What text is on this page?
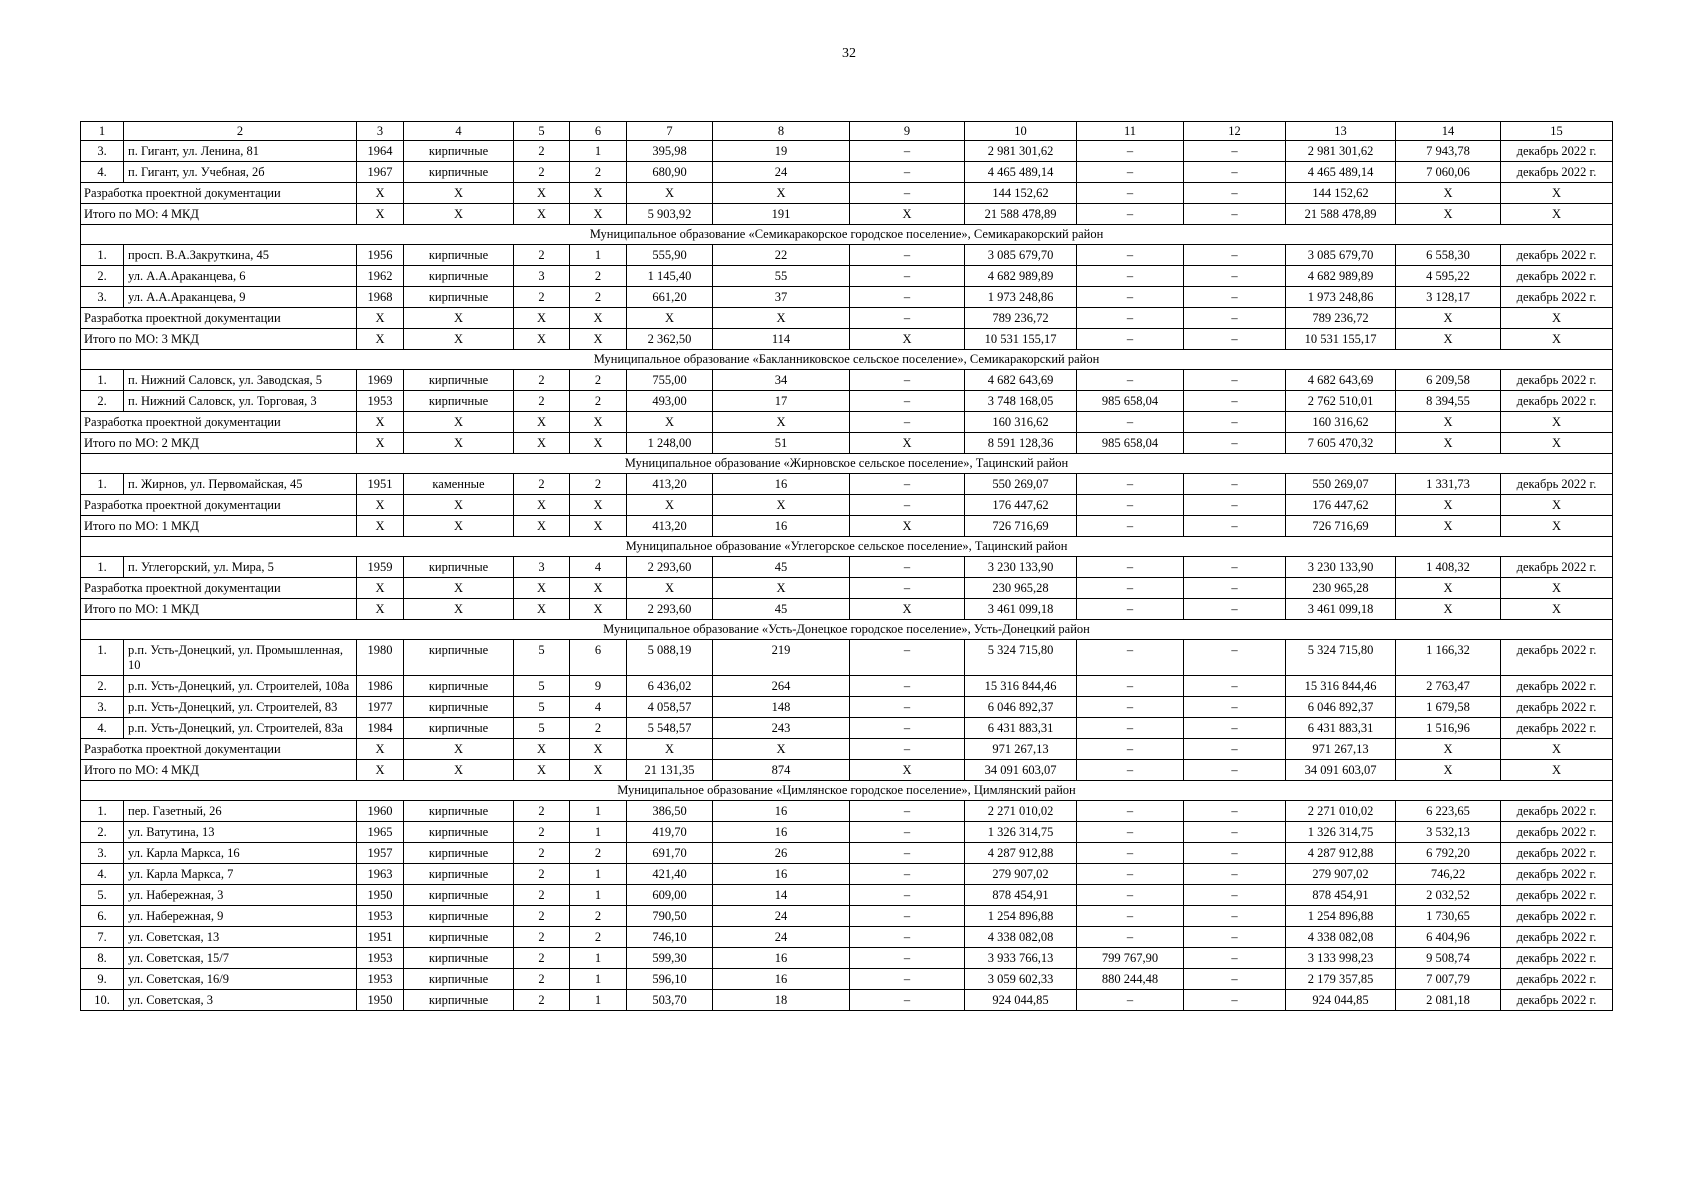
32
1	2	3	4	5	6	7	8	9	10	11	12	13	14	15
3.	п. Гигант, ул. Ленина, 81	1964	кирпичные	2	1	395,98	19	–	2 981 301,62	–	–	2 981 301,62	7 943,78	декабрь 2022 г.
4.	п. Гигант, ул. Учебная, 2б	1967	кирпичные	2	2	680,90	24	–	4 465 489,14	–	–	4 465 489,14	7 060,06	декабрь 2022 г.
Разработка проектной документации		Х	Х	Х	Х	Х	Х	–	144 152,62	–	–	144 152,62	Х	Х
Итого по МО: 4 МКД		Х	Х	Х	Х	5 903,92	191	Х	21 588 478,89	–	–	21 588 478,89	Х	Х
Муниципальное образование «Семикаракорское городское поселение», Семикаракорский район														
1.	просп. В.А.Закруткина, 45	1956	кирпичные	2	1	555,90	22	–	3 085 679,70	–	–	3 085 679,70	6 558,30	декабрь 2022 г.
2.	ул. А.А.Араканцева, 6	1962	кирпичные	3	2	1 145,40	55	–	4 682 989,89	–	–	4 682 989,89	4 595,22	декабрь 2022 г.
3.	ул. А.А.Араканцева, 9	1968	кирпичные	2	2	661,20	37	–	1 973 248,86	–	–	1 973 248,86	3 128,17	декабрь 2022 г.
Разработка проектной документации		Х	Х	Х	Х	Х	Х	–	789 236,72	–	–	789 236,72	Х	Х
Итого по МО: 3 МКД		Х	Х	Х	Х	2 362,50	114	Х	10 531 155,17	–	–	10 531 155,17	Х	Х
Муниципальное образование «Бакланниковское сельское поселение», Семикаракорский район														
1.	п. Нижний Саловск, ул. Заводская, 5	1969	кирпичные	2	2	755,00	34	–	4 682 643,69	–	–	4 682 643,69	6 209,58	декабрь 2022 г.
2.	п. Нижний Саловск, ул. Торговая, 3	1953	кирпичные	2	2	493,00	17	–	3 748 168,05	985 658,04	–	2 762 510,01	8 394,55	декабрь 2022 г.
Разработка проектной документации		Х	Х	Х	Х	Х	Х	–	160 316,62	–	–	160 316,62	Х	Х
Итого по МО: 2 МКД		Х	Х	Х	Х	1 248,00	51	Х	8 591 128,36	985 658,04	–	7 605 470,32	Х	Х
Муниципальное образование «Жирновское сельское поселение», Тацинский район														
1.	п. Жирнов, ул. Первомайская, 45	1951	каменные	2	2	413,20	16	–	550 269,07	–	–	550 269,07	1 331,73	декабрь 2022 г.
Разработка проектной документации		Х	Х	Х	Х	Х	Х	–	176 447,62	–	–	176 447,62	Х	Х
Итого по МО: 1 МКД		Х	Х	Х	Х	413,20	16	Х	726 716,69	–	–	726 716,69	Х	Х
Муниципальное образование «Углегорское сельское поселение», Тацинский район														
1.	п. Углегорский, ул. Мира, 5	1959	кирпичные	3	4	2 293,60	45	–	3 230 133,90	–	–	3 230 133,90	1 408,32	декабрь 2022 г.
Разработка проектной документации		Х	Х	Х	Х	Х	Х	–	230 965,28	–	–	230 965,28	Х	Х
Итого по МО: 1 МКД		Х	Х	Х	Х	2 293,60	45	Х	3 461 099,18	–	–	3 461 099,18	Х	Х
Муниципальное образование «Усть-Донецкое городское поселение», Усть-Донецкий район														
1.	р.п. Усть-Донецкий, ул. Промышленная, 10	1980	кирпичные	5	6	5 088,19	219	–	5 324 715,80	–	–	5 324 715,80	1 166,32	декабрь 2022 г.
2.	р.п. Усть-Донецкий, ул. Строителей, 108а	1986	кирпичные	5	9	6 436,02	264	–	15 316 844,46	–	–	15 316 844,46	2 763,47	декабрь 2022 г.
3.	р.п. Усть-Донецкий, ул. Строителей, 83	1977	кирпичные	5	4	4 058,57	148	–	6 046 892,37	–	–	6 046 892,37	1 679,58	декабрь 2022 г.
4.	р.п. Усть-Донецкий, ул. Строителей, 83а	1984	кирпичные	5	2	5 548,57	243	–	6 431 883,31	–	–	6 431 883,31	1 516,96	декабрь 2022 г.
Разработка проектной документации		Х	Х	Х	Х	Х	Х	–	971 267,13	–	–	971 267,13	Х	Х
Итого по МО: 4 МКД		Х	Х	Х	Х	21 131,35	874	Х	34 091 603,07	–	–	34 091 603,07	Х	Х
Муниципальное образование «Цимлянское городское поселение», Цимлянский район														
1.	пер. Газетный, 26	1960	кирпичные	2	1	386,50	16	–	2 271 010,02	–	–	2 271 010,02	6 223,65	декабрь 2022 г.
2.	ул. Ватутина, 13	1965	кирпичные	2	1	419,70	16	–	1 326 314,75	–	–	1 326 314,75	3 532,13	декабрь 2022 г.
3.	ул. Карла Маркса, 16	1957	кирпичные	2	2	691,70	26	–	4 287 912,88	–	–	4 287 912,88	6 792,20	декабрь 2022 г.
4.	ул. Карла Маркса, 7	1963	кирпичные	2	1	421,40	16	–	279 907,02	–	–	279 907,02	746,22	декабрь 2022 г.
5.	ул. Набережная, 3	1950	кирпичные	2	1	609,00	14	–	878 454,91	–	–	878 454,91	2 032,52	декабрь 2022 г.
6.	ул. Набережная, 9	1953	кирпичные	2	2	790,50	24	–	1 254 896,88	–	–	1 254 896,88	1 730,65	декабрь 2022 г.
7.	ул. Советская, 13	1951	кирпичные	2	2	746,10	24	–	4 338 082,08	–	–	4 338 082,08	6 404,96	декабрь 2022 г.
8.	ул. Советская, 15/7	1953	кирпичные	2	1	599,30	16	–	3 933 766,13	799 767,90	–	3 133 998,23	9 508,74	декабрь 2022 г.
9.	ул. Советская, 16/9	1953	кирпичные	2	1	596,10	16	–	3 059 602,33	880 244,48	–	2 179 357,85	7 007,79	декабрь 2022 г.
10.	ул. Советская, 3	1950	кирпичные	2	1	503,70	18	–	924 044,85	–	–	924 044,85	2 081,18	декабрь 2022 г.
